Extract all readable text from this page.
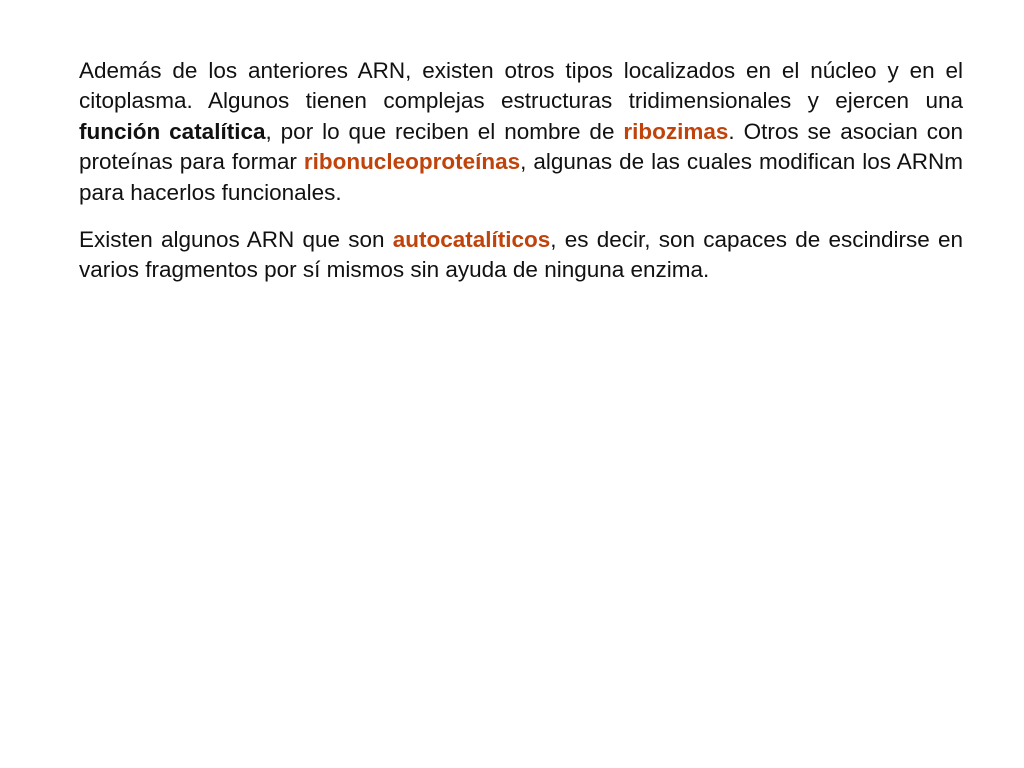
Además de los anteriores ARN, existen otros tipos localizados en el núcleo y en el citoplasma. Algunos tienen complejas estructuras tridimensionales y ejercen una función catalítica, por lo que reciben el nombre de ribozimas. Otros se asocian con proteínas para formar ribonucleoproteínas, algunas de las cuales modifican los ARNm para hacerlos funcionales.

Existen algunos ARN que son autocatalíticos, es decir, son capaces de escindirse en varios fragmentos por sí mismos sin ayuda de ninguna enzima.
